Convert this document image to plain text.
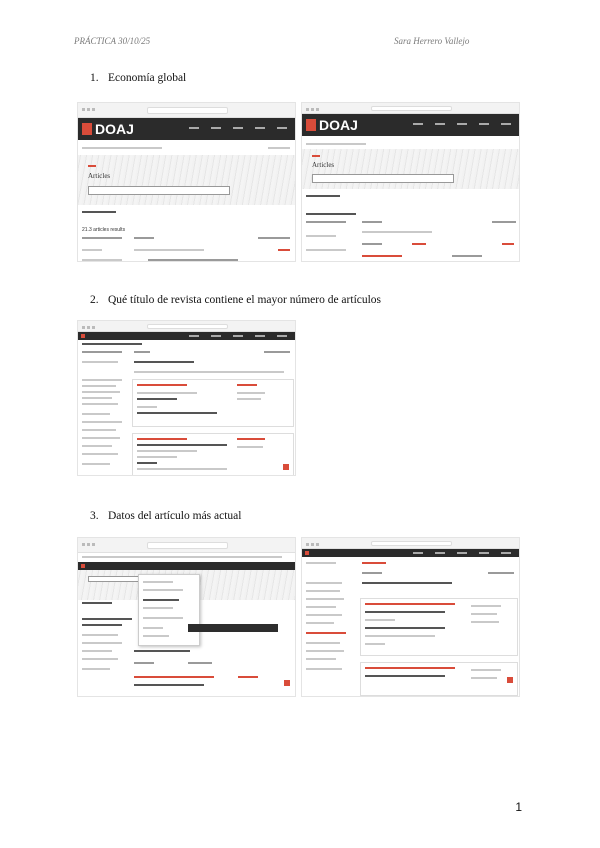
PRÁCTICA 30/10/25	Sara Herrero Vallejo
1. Economía global
DOAJ
Articles
21.3 articles results
DOAJ
Articles
2. Qué título de revista contiene el mayor número de artículos
3. Datos del artículo más actual
1
